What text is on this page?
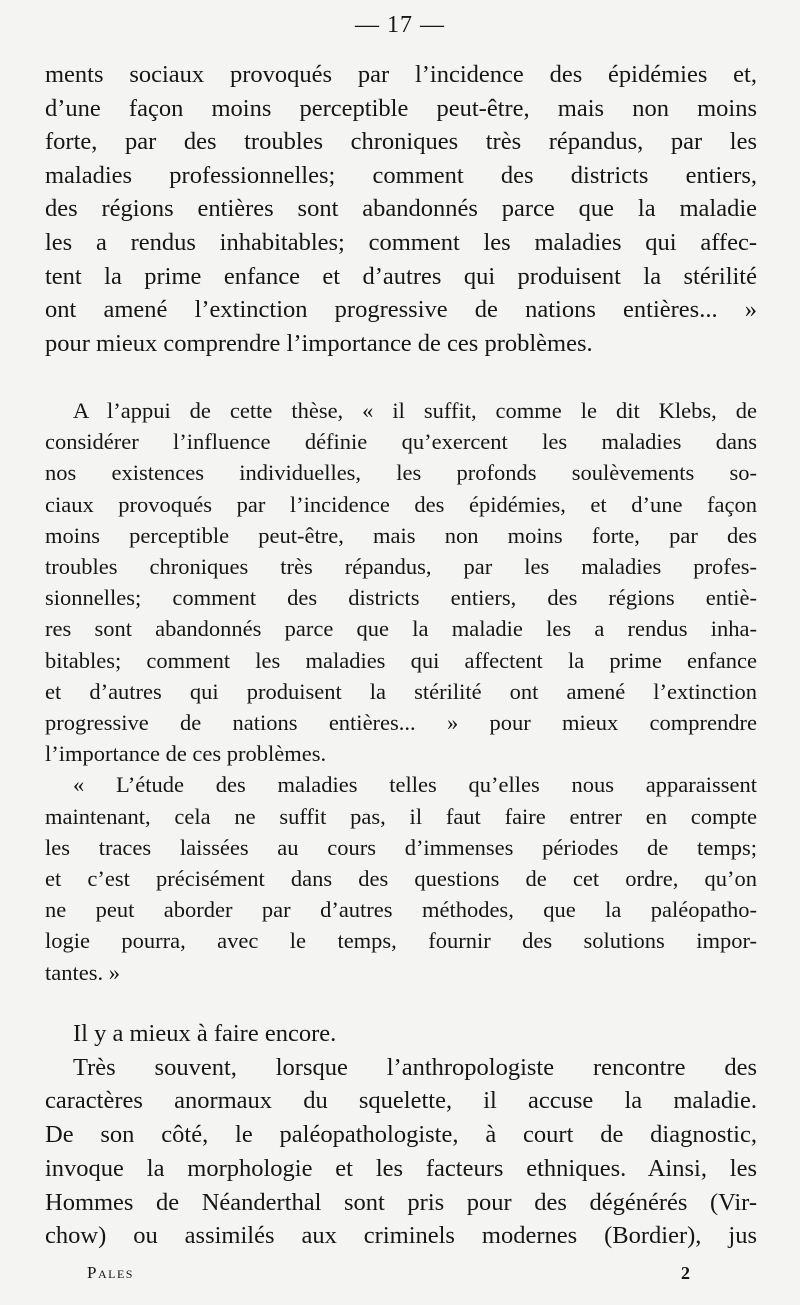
— 17 —
ments sociaux provoqués par l’incidence des épidémies et,
d’une façon moins perceptible peut-être, mais non moins
forte, par des troubles chroniques très répandus, par les
maladies professionnelles; comment des districts entiers,
des régions entières sont abandonnés parce que la maladie
les a rendus inhabitables; comment les maladies qui affec-
tent la prime enfance et d’autres qui produisent la stérilité
ont amené l’extinction progressive de nations entières... »
pour mieux comprendre l’importance de ces problèmes.
A l’appui de cette thèse, « il suffit, comme le dit Klebs, de
considérer l’influence définie qu’exercent les maladies dans
nos existences individuelles, les profonds soulèvements so-
ciaux provoqués par l’incidence des épidémies, et d’une façon
moins perceptible peut-être, mais non moins forte, par des
troubles chroniques très répandus, par les maladies profes-
sionnelles; comment des districts entiers, des régions entiè-
res sont abandonnés parce que la maladie les a rendus inha-
bitables; comment les maladies qui affectent la prime enfance
et d’autres qui produisent la stérilité ont amené l’extinction
progressive de nations entières... » pour mieux comprendre
l’importance de ces problèmes.
« L’étude des maladies telles qu’elles nous apparaissent
maintenant, cela ne suffit pas, il faut faire entrer en compte
les traces laissées au cours d’immenses périodes de temps;
et c’est précisément dans des questions de cet ordre, qu’on
ne peut aborder par d’autres méthodes, que la paléopatho-
logie pourra, avec le temps, fournir des solutions impor-
tantes. »
Il y a mieux à faire encore.
Très souvent, lorsque l’anthropologiste rencontre des
caractères anormaux du squelette, il accuse la maladie.
De son côté, le paléopathologiste, à court de diagnostic,
invoque la morphologie et les facteurs ethniques. Ainsi, les
Hommes de Néanderthal sont pris pour des dégénérés (Vir-
chow) ou assimilés aux criminels modernes (Bordier), jus
Pales	2
